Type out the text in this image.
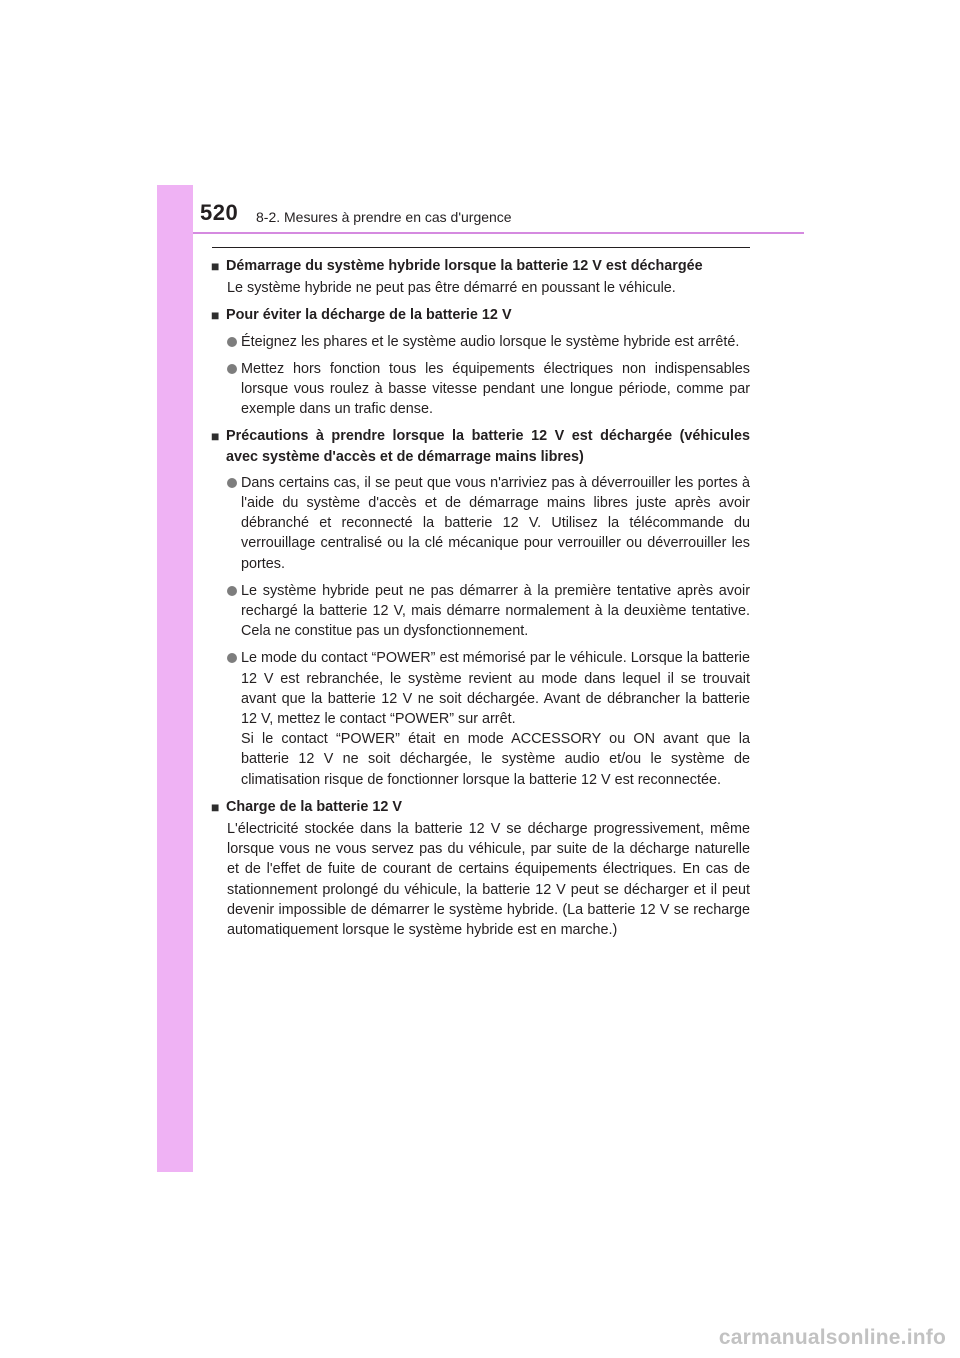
520 8-2. Mesures à prendre en cas d'urgence
■ Démarrage du système hybride lorsque la batterie 12 V est déchargée
Le système hybride ne peut pas être démarré en poussant le véhicule.
■ Pour éviter la décharge de la batterie 12 V
Éteignez les phares et le système audio lorsque le système hybride est arrêté.
Mettez hors fonction tous les équipements électriques non indispensables lorsque vous roulez à basse vitesse pendant une longue période, comme par exemple dans un trafic dense.
■ Précautions à prendre lorsque la batterie 12 V est déchargée (véhicules avec système d'accès et de démarrage mains libres)
Dans certains cas, il se peut que vous n'arriviez pas à déverrouiller les portes à l'aide du système d'accès et de démarrage mains libres juste après avoir débranché et reconnecté la batterie 12 V. Utilisez la télécommande du verrouillage centralisé ou la clé mécanique pour verrouiller ou déverrouiller les portes.
Le système hybride peut ne pas démarrer à la première tentative après avoir rechargé la batterie 12 V, mais démarre normalement à la deuxième tentative. Cela ne constitue pas un dysfonctionnement.
Le mode du contact “POWER” est mémorisé par le véhicule. Lorsque la batterie 12 V est rebranchée, le système revient au mode dans lequel il se trouvait avant que la batterie 12 V ne soit déchargée. Avant de débrancher la batterie 12 V, mettez le contact “POWER” sur arrêt.
Si le contact “POWER” était en mode ACCESSORY ou ON avant que la batterie 12 V ne soit déchargée, le système audio et/ou le système de climatisation risque de fonctionner lorsque la batterie 12 V est reconnectée.
■ Charge de la batterie 12 V
L'électricité stockée dans la batterie 12 V se décharge progressivement, même lorsque vous ne vous servez pas du véhicule, par suite de la décharge naturelle et de l'effet de fuite de courant de certains équipements électriques. En cas de stationnement prolongé du véhicule, la batterie 12 V peut se décharger et il peut devenir impossible de démarrer le système hybride. (La batterie 12 V se recharge automatiquement lorsque le système hybride est en marche.)
carmanualsonline.info
